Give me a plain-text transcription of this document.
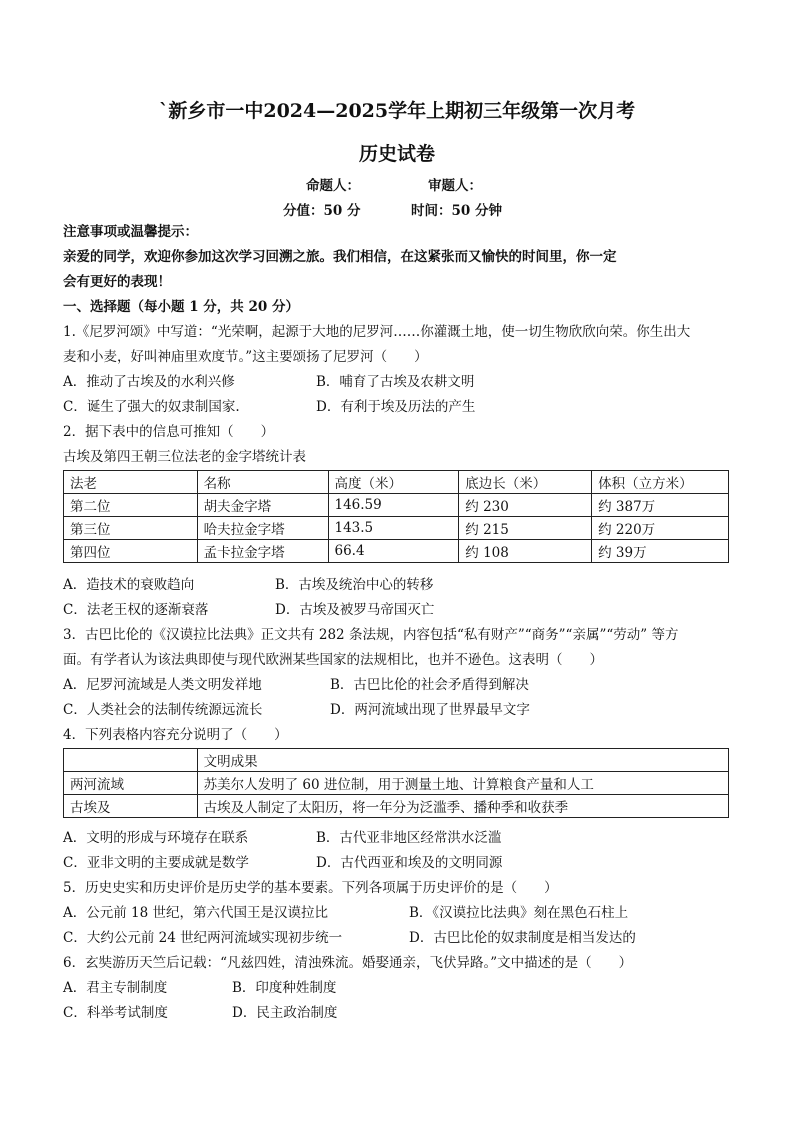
`新乡市一中2024—2025学年上期初三年级第一次月考
历史试卷
命题人：	审题人：
分值：50 分	时间：50 分钟
注意事项或温馨提示：
亲爱的同学，欢迎你参加这次学习回溯之旅。我们相信，在这紧张而又愉快的时间里，你一定
会有更好的表现！
一、选择题（每小题 1 分，共 20 分）
1.《尼罗河颂》中写道：“光荣啊，起源于大地的尼罗河……你灌溉土地，使一切生物欣欣向荣。你生出大
麦和小麦，好叫神庙里欢度节。”这主要颂扬了尼罗河（　　）
A．推动了古埃及的水利兴修	B．哺育了古埃及农耕文明
C．诞生了强大的奴隶制国家.	D．有利于埃及历法的产生
2．据下表中的信息可推知（　　）
古埃及第四王朝三位法老的金字塔统计表
法老	名称	高度（米）	底边长（米）	体积（立方米）
第二位	胡夫金字塔	146.59	约 230	约 387万
第三位	哈夫拉金字塔	143.5	约 215	约 220万
第四位	孟卡拉金字塔	66.4	约 108	约 39万
A．造技术的衰败趋向	B．古埃及统治中心的转移
C．法老王权的逐渐衰落	D．古埃及被罗马帝国灭亡
3．古巴比伦的《汉谟拉比法典》正文共有 282 条法规，内容包括“私有财产”“商务”“亲属”“劳动” 等方
面。有学者认为该法典即使与现代欧洲某些国家的法规相比，也并不逊色。这表明（　　）
A．尼罗河流域是人类文明发祥地	B．古巴比伦的社会矛盾得到解决
C．人类社会的法制传统源远流长	D．两河流域出现了世界最早文字
4．下列表格内容充分说明了（　　）
	文明成果
两河流域	苏美尔人发明了 60 进位制，用于测量土地、计算粮食产量和人工
古埃及	古埃及人制定了太阳历，将一年分为泛滥季、播种季和收获季
A．文明的形成与环境存在联系	B．古代亚非地区经常洪水泛滥
C．亚非文明的主要成就是数学	D．古代西亚和埃及的文明同源
5．历史史实和历史评价是历史学的基本要素。下列各项属于历史评价的是（　　）
A．公元前 18 世纪，第六代国王是汉谟拉比	B．《汉谟拉比法典》刻在黑色石柱上
C．大约公元前 24 世纪两河流域实现初步统一	D．古巴比伦的奴隶制度是相当发达的
6．玄奘游历天竺后记载：“凡兹四姓，清浊殊流。婚娶通亲，飞伏异路。”文中描述的是（　　）
A．君主专制制度	B．印度种姓制度
C．科举考试制度	D．民主政治制度
